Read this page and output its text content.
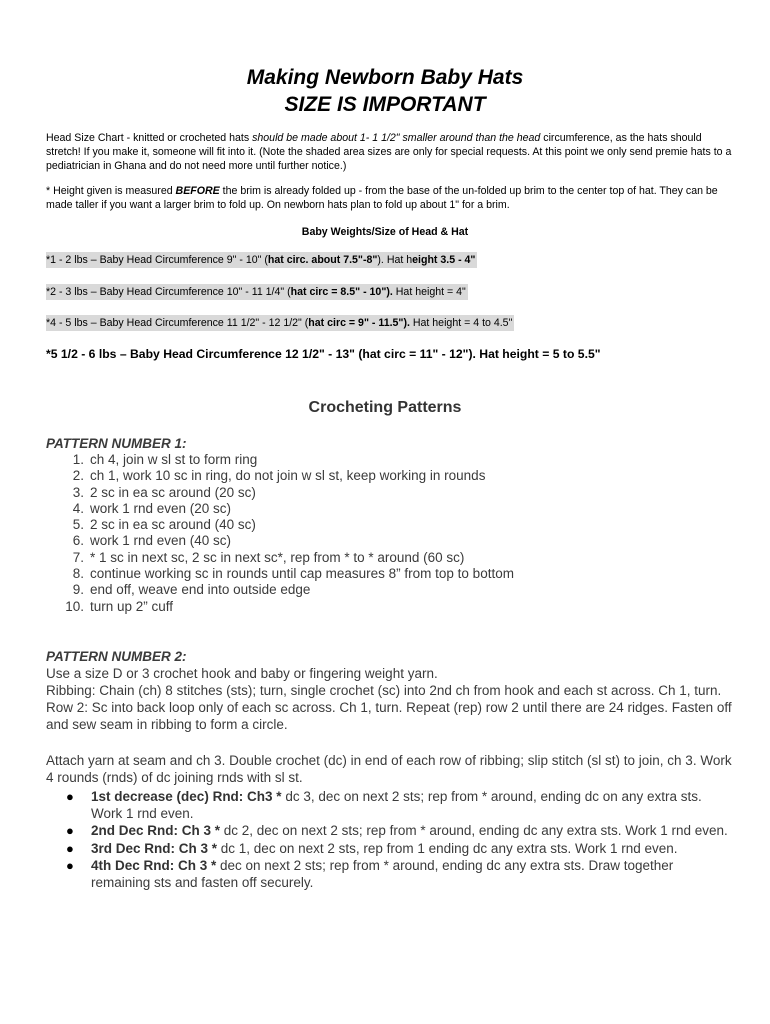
Making Newborn Baby Hats
SIZE IS IMPORTANT
Head Size Chart - knitted or crocheted hats should be made about 1- 1 1/2" smaller around than the head circumference, as the hats should stretch! If you make it, someone will fit into it. (Note the shaded area sizes are only for special requests. At this point we only send premie hats to a pediatrician in Ghana and do not need more until further notice.)
* Height given is measured BEFORE the brim is already folded up - from the base of the un-folded up brim to the center top of hat. They can be made taller if you want a larger brim to fold up. On newborn hats plan to fold up about 1" for a brim.
Baby Weights/Size of Head & Hat
*1 - 2 lbs – Baby Head Circumference 9" - 10" (hat circ. about 7.5"-8"). Hat height 3.5 - 4"
*2 - 3 lbs – Baby Head Circumference 10" - 11 1/4" (hat circ = 8.5" - 10"). Hat height = 4"
*4 - 5 lbs – Baby Head Circumference 11 1/2" - 12 1/2" (hat circ = 9" - 11.5"). Hat height = 4 to 4.5"
*5 1/2 - 6 lbs – Baby Head Circumference 12 1/2" - 13" (hat circ = 11" - 12"). Hat height = 5 to 5.5"
Crocheting Patterns
PATTERN NUMBER 1:
1. ch 4, join w sl st to form ring
2. ch 1, work 10 sc in ring, do not join w sl st, keep working in rounds
3. 2 sc in ea sc around (20 sc)
4. work 1 rnd even (20 sc)
5. 2 sc in ea sc around (40 sc)
6. work 1 rnd even (40 sc)
7. * 1 sc in next sc, 2 sc in next sc*, rep from * to * around (60 sc)
8. continue working sc in rounds until cap measures 8” from top to bottom
9. end off, weave end into outside edge
10. turn up 2” cuff
PATTERN NUMBER 2:
Use a size D or 3 crochet hook and baby or fingering weight yarn.
Ribbing: Chain (ch) 8 stitches (sts); turn, single crochet (sc) into 2nd ch from hook and each st across. Ch 1, turn. Row 2: Sc into back loop only of each sc across. Ch 1, turn. Repeat (rep) row 2 until there are 24 ridges. Fasten off and sew seam in ribbing to form a circle.
Attach yarn at seam and ch 3. Double crochet (dc) in end of each row of ribbing; slip stitch (sl st) to join, ch 3. Work 4 rounds (rnds) of dc joining rnds with sl st.
● 1st decrease (dec) Rnd: Ch3 * dc 3, dec on next 2 sts; rep from * around, ending dc on any extra sts. Work 1 rnd even.
● 2nd Dec Rnd: Ch 3 * dc 2, dec on next 2 sts; rep from * around, ending dc any extra sts. Work 1 rnd even.
● 3rd Dec Rnd: Ch 3 * dc 1, dec on next 2 sts, rep from 1 ending dc any extra sts. Work 1 rnd even.
● 4th Dec Rnd: Ch 3 * dec on next 2 sts; rep from * around, ending dc any extra sts. Draw together remaining sts and fasten off securely.
